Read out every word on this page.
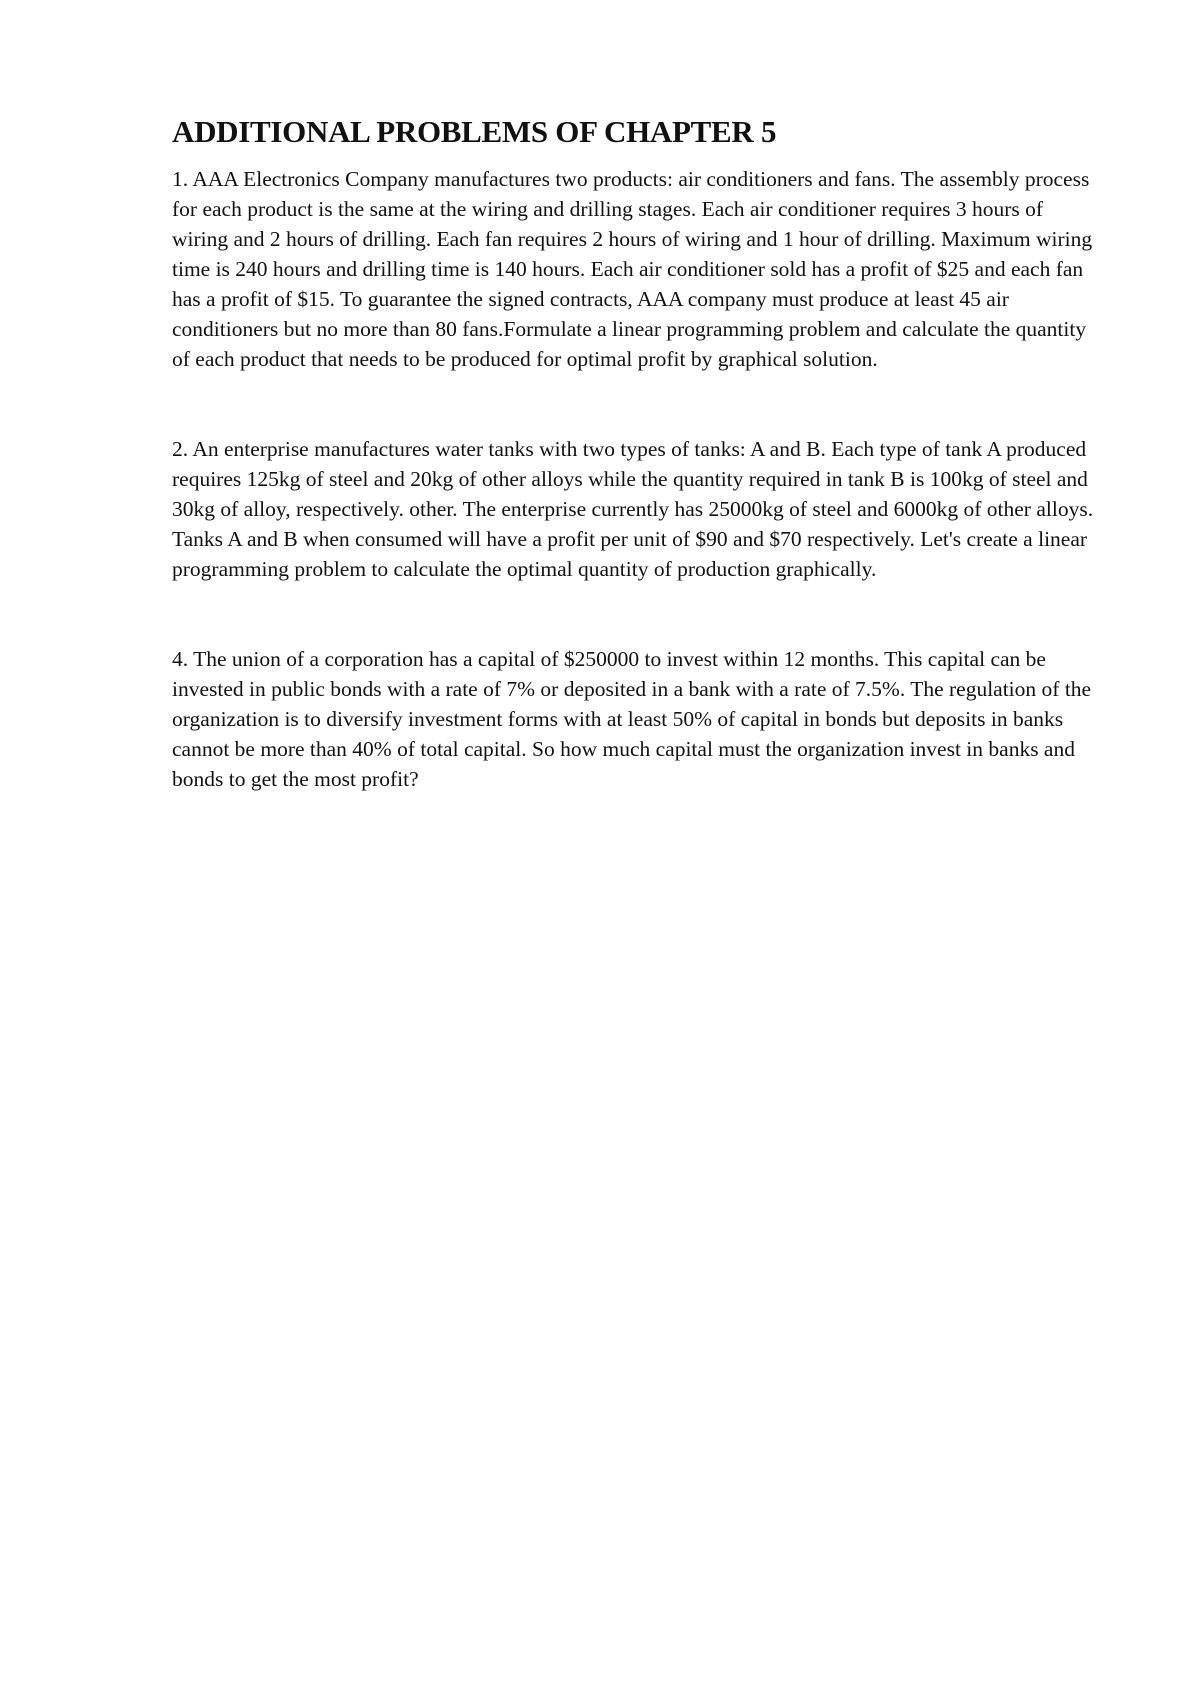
ADDITIONAL PROBLEMS OF CHAPTER 5

1. AAA Electronics Company manufactures two products: air conditioners and fans. The assembly process for each product is the same at the wiring and drilling stages. Each air conditioner requires 3 hours of wiring and 2 hours of drilling. Each fan requires 2 hours of wiring and 1 hour of drilling. Maximum wiring time is 240 hours and drilling time is 140 hours. Each air conditioner sold has a profit of $25 and each fan has a profit of $15. To guarantee the signed contracts, AAA company must produce at least 45 air conditioners but no more than 80 fans.Formulate a linear programming problem and calculate the quantity of each product that needs to be produced for optimal profit by graphical solution.

2. An enterprise manufactures water tanks with two types of tanks: A and B. Each type of tank A produced requires 125kg of steel and 20kg of other alloys while the quantity required in tank B is 100kg of steel and 30kg of alloy, respectively. other. The enterprise currently has 25000kg of steel and 6000kg of other alloys. Tanks A and B when consumed will have a profit per unit of $90 and $70 respectively. Let's create a linear programming problem to calculate the optimal quantity of production graphically.

4. The union of a corporation has a capital of $250000 to invest within 12 months. This capital can be invested in public bonds with a rate of 7% or deposited in a bank with a rate of 7.5%. The regulation of the organization is to diversify investment forms with at least 50% of capital in bonds but deposits in banks cannot be more than 40% of total capital. So how much capital must the organization invest in banks and bonds to get the most profit?
